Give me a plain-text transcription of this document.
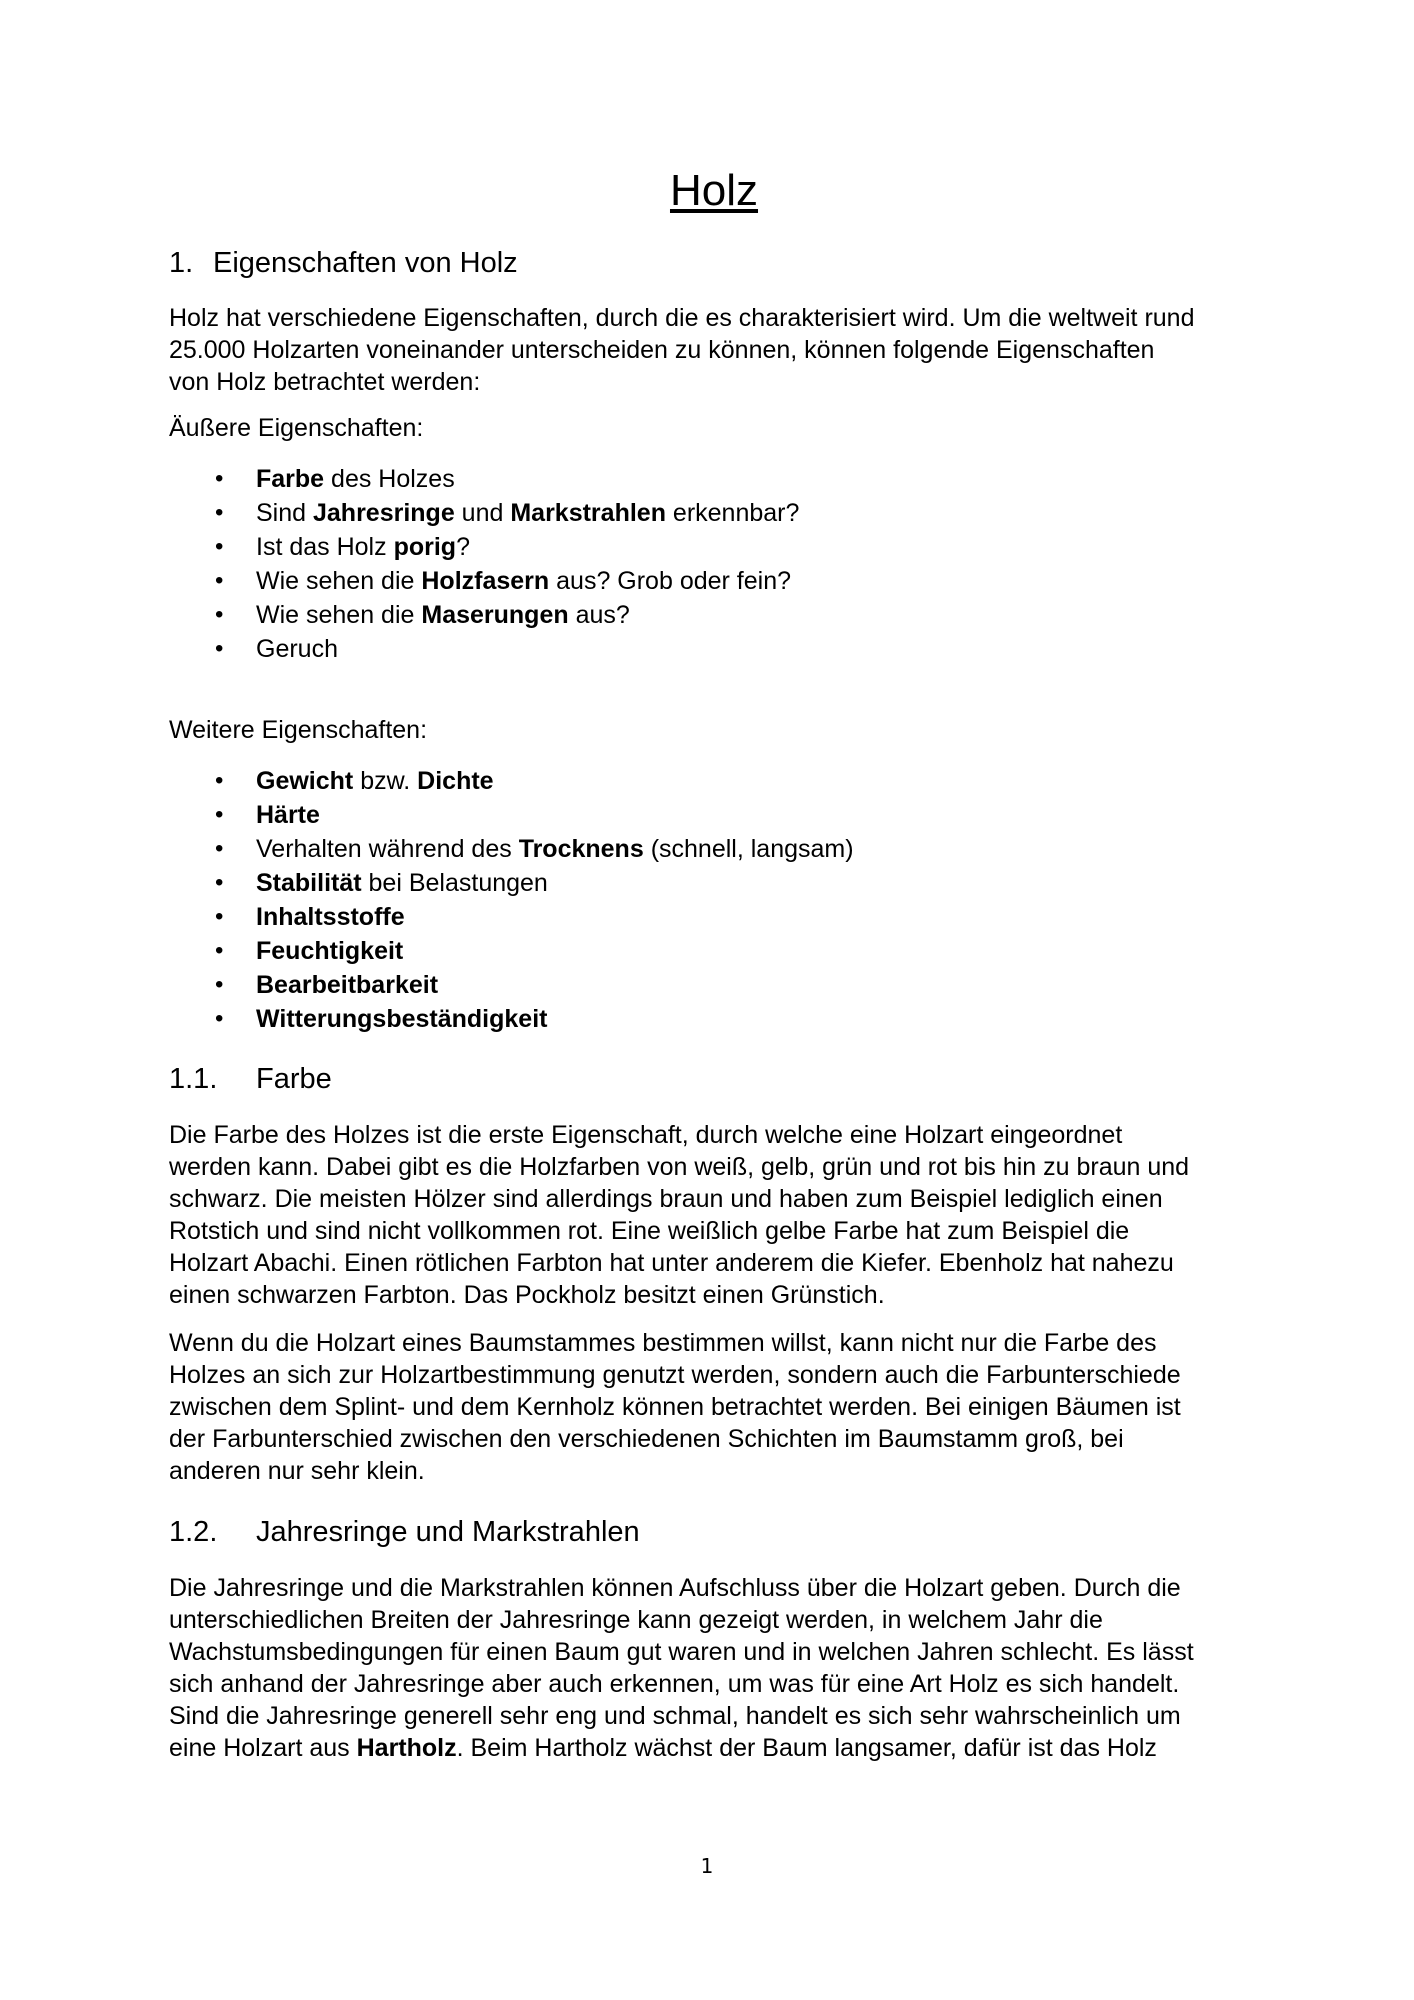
Holz
1. Eigenschaften von Holz

Holz hat verschiedene Eigenschaften, durch die es charakterisiert wird. Um die weltweit rund

25.000 Holzarten voneinander unterscheiden zu können, können folgende Eigenschaften

von Holz betrachtet werden:

Äußere Eigenschaften:

• Farbe des Holzes
• Sind Jahresringe und Markstrahlen erkennbar?
• Ist das Holz porig?
• Wie sehen die Holzfasern aus? Grob oder fein?
• Wie sehen die Maserungen aus?
• Geruch

Weitere Eigenschaften:

• Gewicht bzw. Dichte
• Härte
• Verhalten während des Trocknens (schnell, langsam)
• Stabilität bei Belastungen
• Inhaltsstoffe
• Feuchtigkeit
• Bearbeitbarkeit
• Witterungsbeständigkeit
1.1.	Farbe

Die Farbe des Holzes ist die erste Eigenschaft, durch welche eine Holzart eingeordnet

werden kann. Dabei gibt es die Holzfarben von weiß, gelb, grün und rot bis hin zu braun und

schwarz. Die meisten Hölzer sind allerdings braun und haben zum Beispiel lediglich einen

Rotstich und sind nicht vollkommen rot. Eine weißlich gelbe Farbe hat zum Beispiel die

Holzart Abachi. Einen rötlichen Farbton hat unter anderem die Kiefer. Ebenholz hat nahezu

einen schwarzen Farbton. Das Pockholz besitzt einen Grünstich.

Wenn du die Holzart eines Baumstammes bestimmen willst, kann nicht nur die Farbe des

Holzes an sich zur Holzartbestimmung genutzt werden, sondern auch die Farbunterschiede

zwischen dem Splint- und dem Kernholz können betrachtet werden. Bei einigen Bäumen ist

der Farbunterschied zwischen den verschiedenen Schichten im Baumstamm groß, bei

anderen nur sehr klein.

1.2.	Jahresringe und Markstrahlen

Die Jahresringe und die Markstrahlen können Aufschluss über die Holzart geben. Durch die

unterschiedlichen Breiten der Jahresringe kann gezeigt werden, in welchem Jahr die

Wachstumsbedingungen für einen Baum gut waren und in welchen Jahren schlecht. Es lässt

sich anhand der Jahresringe aber auch erkennen, um was für eine Art Holz es sich handelt.

Sind die Jahresringe generell sehr eng und schmal, handelt es sich sehr wahrscheinlich um

eine Holzart aus Hartholz. Beim Hartholz wächst der Baum langsamer, dafür ist das Holz

1
